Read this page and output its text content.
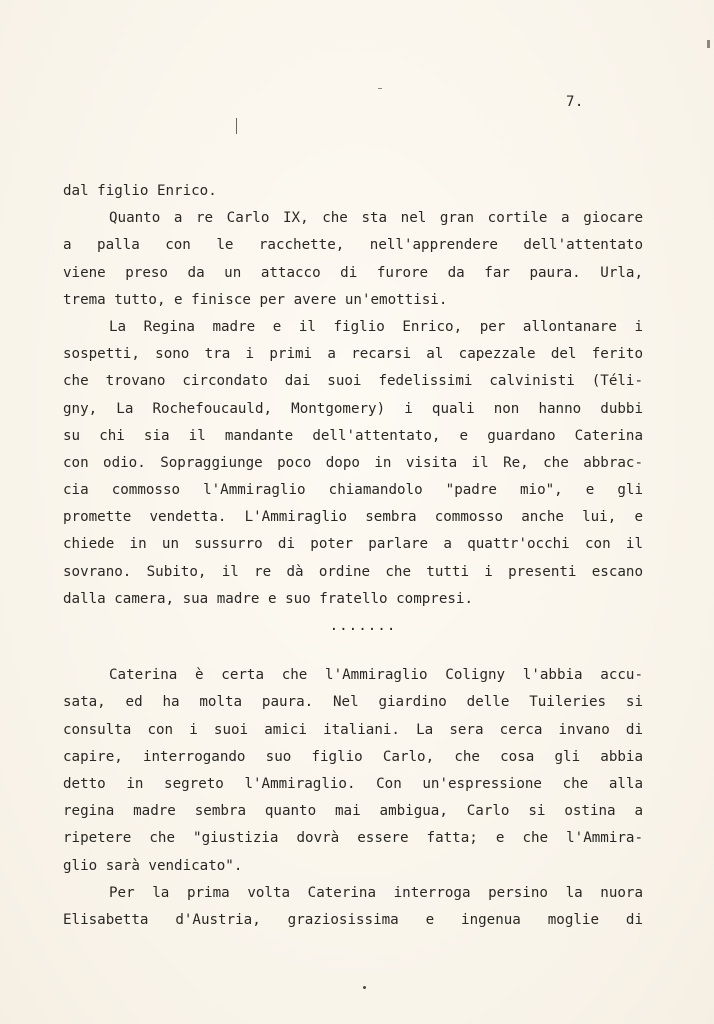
7.
dal figlio Enrico.
Quanto a re Carlo IX, che sta nel gran cortile a giocare
a palla con le racchette, nell'apprendere dell'attentato
viene preso da un attacco di furore da far paura. Urla,
trema tutto, e finisce per avere un'emottisi.
La Regina madre e il figlio Enrico, per allontanare i
sospetti, sono tra i primi a recarsi al capezzale del ferito
che trovano circondato dai suoi fedelissimi calvinisti (Téli-
gny, La Rochefoucauld, Montgomery) i quali non hanno dubbi
su chi sia il mandante dell'attentato, e guardano Caterina
con odio. Sopraggiunge poco dopo in visita il Re, che abbrac-
cia commosso l'Ammiraglio chiamandolo "padre mio", e gli
promette vendetta. L'Ammiraglio sembra commosso anche lui, e
chiede in un sussurro di poter parlare a quattr'occhi con il
sovrano. Subito, il re dà ordine che tutti i presenti escano
dalla camera, sua madre e suo fratello compresi.
.......
Caterina è certa che l'Ammiraglio Coligny l'abbia accu-
sata, ed ha molta paura. Nel giardino delle Tuileries si
consulta con i suoi amici italiani. La sera cerca invano di
capire, interrogando suo figlio Carlo, che cosa gli abbia
detto in segreto l'Ammiraglio. Con un'espressione che alla
regina madre sembra quanto mai ambigua, Carlo si ostina a
ripetere che "giustizia dovrà essere fatta; e che l'Ammira-
glio sarà vendicato".
Per la prima volta Caterina interroga persino la nuora
Elisabetta d'Austria, graziosissima e ingenua moglie di
